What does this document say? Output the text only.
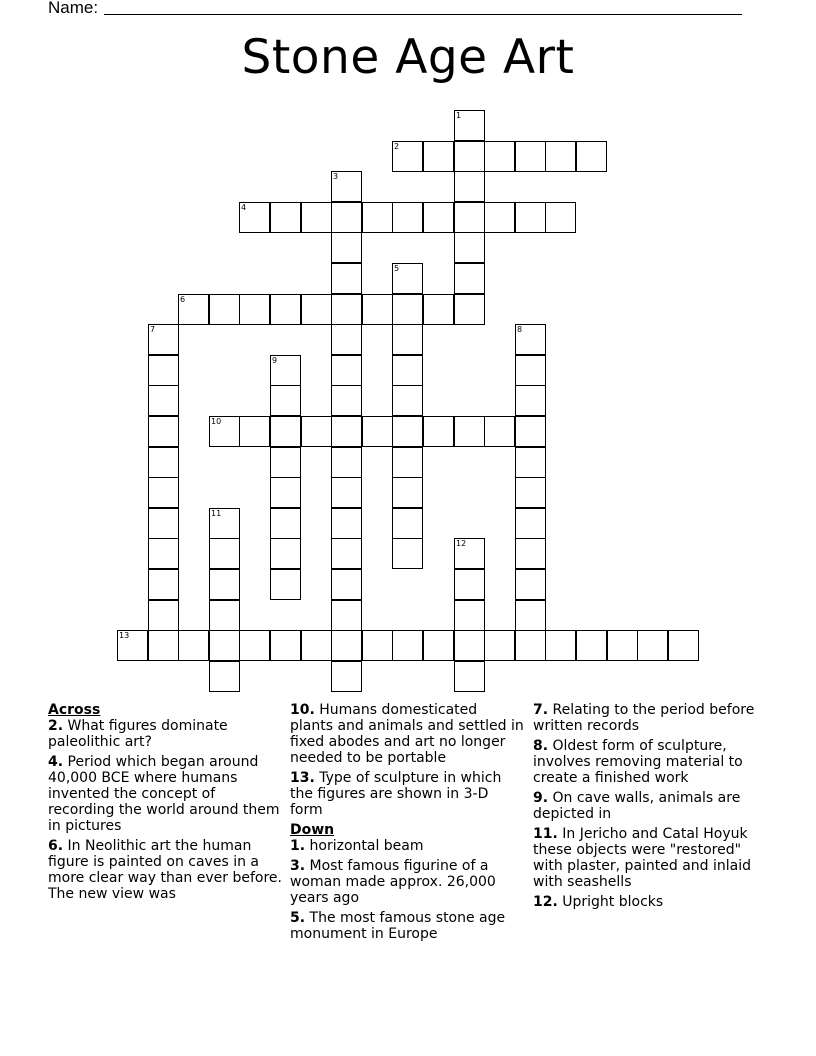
Name:
Stone Age Art
1
2
3
4
5
6
7	8
9
10
11
12
13
Across
2. What figures dominate paleolithic art?
4. Period which began around 40,000 BCE where humans invented the concept of recording the world around them in pictures
6. In Neolithic art the human figure is painted on caves in a more clear way than ever before. The new view was
10. Humans domesticated plants and animals and settled in fixed abodes and art no longer needed to be portable
13. Type of sculpture in which the figures are shown in 3-D form
Down
1. horizontal beam
3. Most famous figurine of a woman made approx. 26,000 years ago
5. The most famous stone age monument in Europe
7. Relating to the period before written records
8. Oldest form of sculpture, involves removing material to create a finished work
9. On cave walls, animals are depicted in
11. In Jericho and Catal Hoyuk these objects were "restored" with plaster, painted and inlaid with seashells
12. Upright blocks
